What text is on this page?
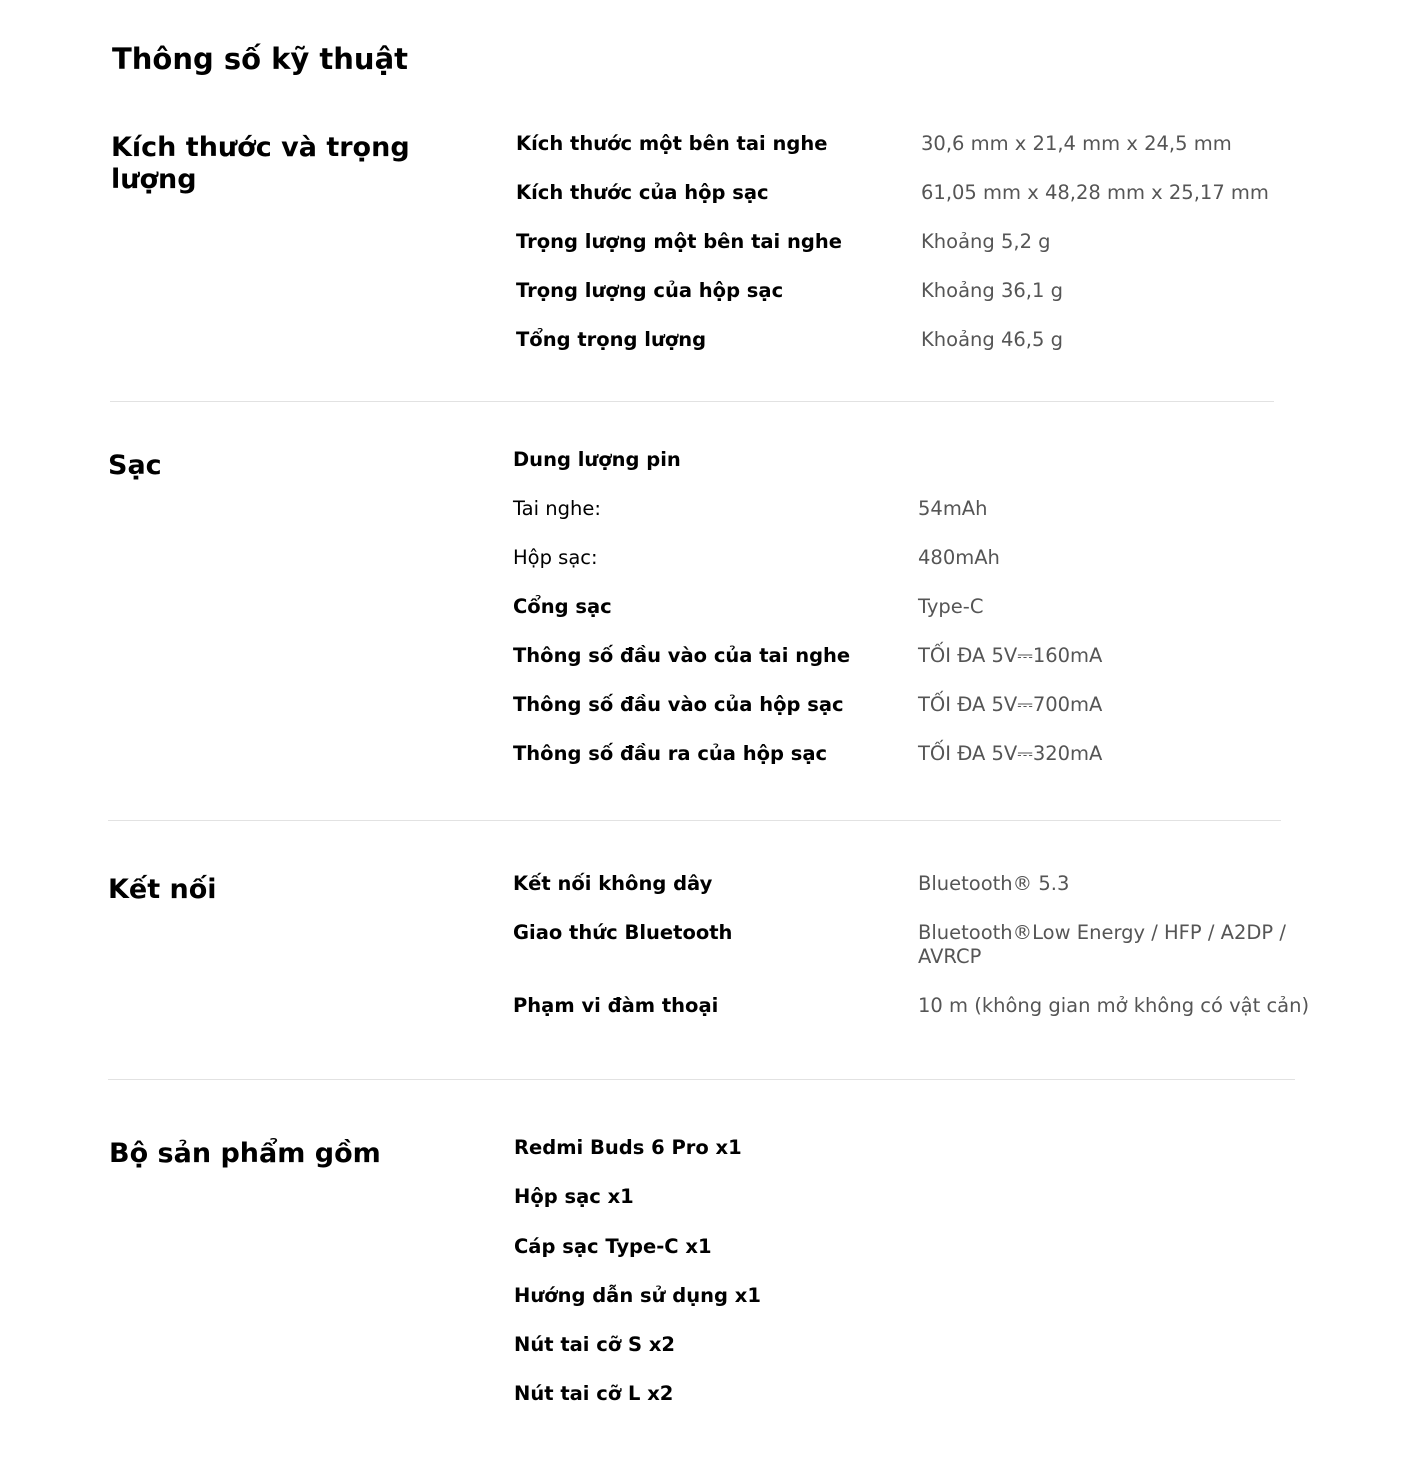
Thông số kỹ thuật
Kích thước và trọng lượng
Kích thước một bên tai nghe	30,6 mm x 21,4 mm x 24,5 mm
Kích thước của hộp sạc	61,05 mm x 48,28 mm x 25,17 mm
Trọng lượng một bên tai nghe	Khoảng 5,2 g
Trọng lượng của hộp sạc	Khoảng 36,1 g
Tổng trọng lượng	Khoảng 46,5 g
Sạc	Dung lượng pin
Tai nghe:	54mAh
Hộp sạc:	480mAh
Cổng sạc	Type-C
Thông số đầu vào của tai nghe	TỐI ĐA 5V⎓160mA
Thông số đầu vào của hộp sạc	TỐI ĐA 5V⎓700mA
Thông số đầu ra của hộp sạc	TỐI ĐA 5V⎓320mA
Kết nối	Kết nối không dây	Bluetooth® 5.3
Giao thức Bluetooth	Bluetooth®Low Energy / HFP / A2DP / AVRCP
Phạm vi đàm thoại	10 m (không gian mở không có vật cản)
Bộ sản phẩm gồm	Redmi Buds 6 Pro x1
Hộp sạc x1
Cáp sạc Type-C x1
Hướng dẫn sử dụng x1
Nút tai cỡ S x2
Nút tai cỡ L x2
